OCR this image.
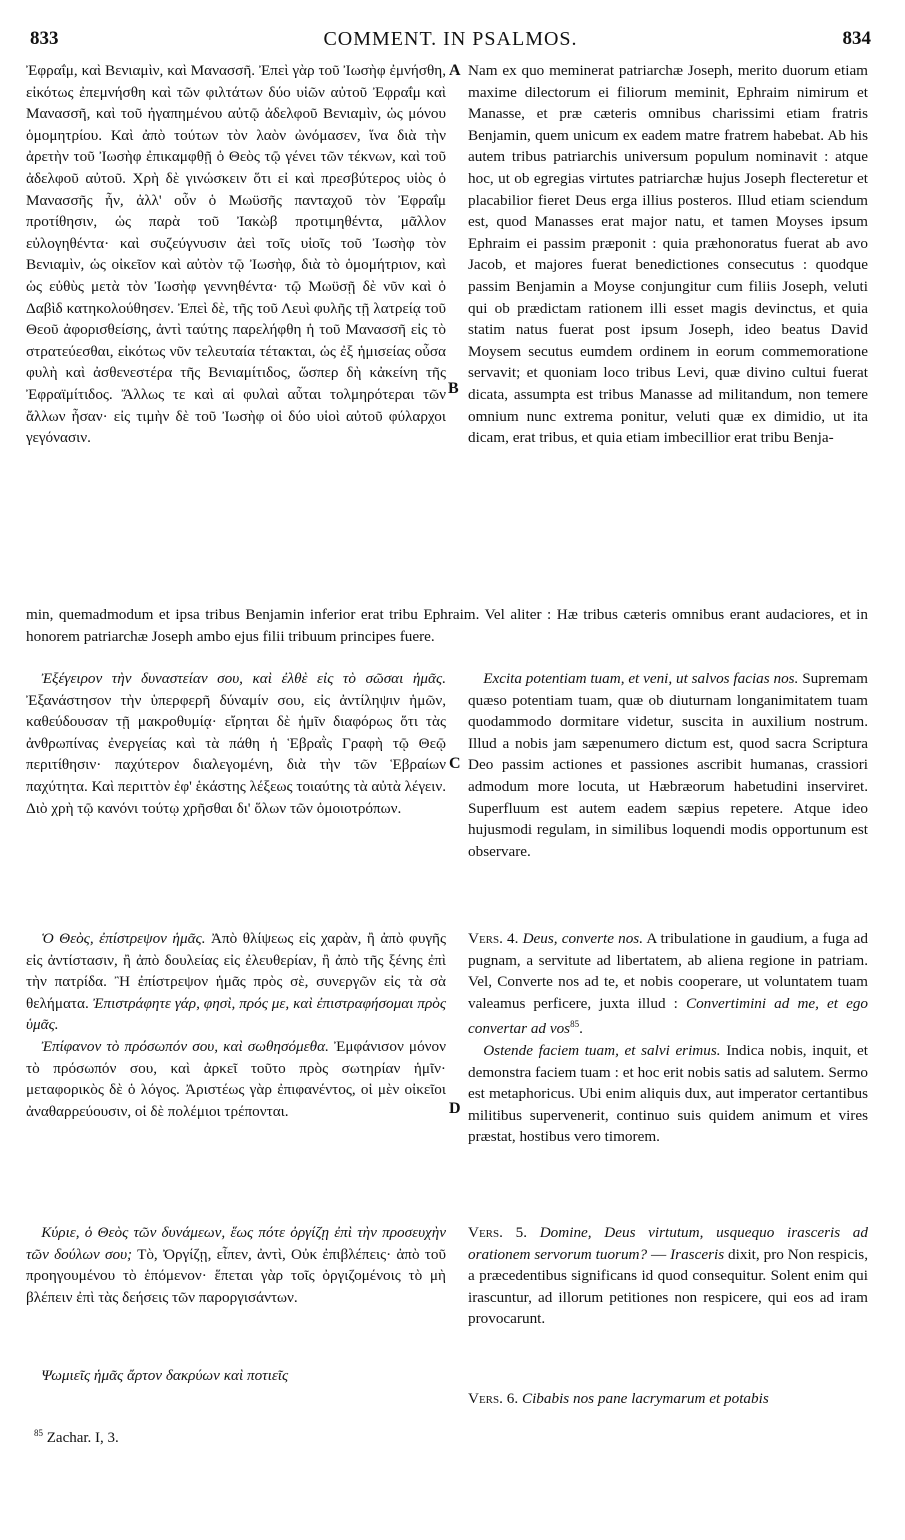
833	COMMENT. IN PSALMOS.	834
A
B
C
D

Ἐφραΐμ, καὶ Βενιαμὶν, καὶ Μανασσῆ. Ἐπεὶ γὰρ τοῦ Ἰωσὴφ ἐμνήσθη, εἰκότως ἐπεμνήσθη καὶ τῶν φιλτάτων δύο υἱῶν αὐτοῦ Ἐφραΐμ καὶ Μανασσῆ, καὶ τοῦ ἠγαπημένου αὐτῷ ἀδελφοῦ Βενιαμὶν, ὡς μόνου ὁμομητρίου. Καὶ ἀπὸ τούτων τὸν λαὸν ὠνόμασεν, ἵνα διὰ τὴν ἀρετὴν τοῦ Ἰωσὴφ ἐπικαμφθῇ ὁ Θεὸς τῷ γένει τῶν τέκνων, καὶ τοῦ ἀδελφοῦ αὐτοῦ. Χρὴ δὲ γινώσκειν ὅτι εἰ καὶ πρεσβύτερος υἱὸς ὁ Μανασσῆς ἦν, ἀλλ' οὖν ὁ Μωϋσῆς πανταχοῦ τὸν Ἐφραΐμ προτίθησιν, ὡς παρὰ τοῦ Ἰακὼβ προτιμηθέντα, μᾶλλον εὐλογηθέντα· καὶ συζεύγνυσιν ἀεὶ τοῖς υἱοῖς τοῦ Ἰωσὴφ τὸν Βενιαμὶν, ὡς οἰκεῖον καὶ αὐτὸν τῷ Ἰωσὴφ, διὰ τὸ ὁμομήτριον, καὶ ὡς εὐθὺς μετὰ τὸν Ἰωσὴφ γεννηθέντα· τῷ Μωϋσῇ δὲ νῦν καὶ ὁ Δαβὶδ κατηκολούθησεν. Ἐπεὶ δὲ, τῆς τοῦ Λευὶ φυλῆς τῇ λατρείᾳ τοῦ Θεοῦ ἀφορισθείσης, ἀντὶ ταύτης παρελήφθη ἡ τοῦ Μανασσῆ εἰς τὸ στρατεύεσθαι, εἰκότως νῦν τελευταία τέτακται, ὡς ἐξ ἡμισείας οὖσα φυλὴ καὶ ἀσθενεστέρα τῆς Βενιαμίτιδος, ὥσπερ δὴ κἀκείνη τῆς Ἐφραϊμίτιδος. Ἄλλως τε καὶ αἱ φυλαὶ αὗται τολμηρότεραι τῶν ἄλλων ἦσαν· εἰς τιμὴν δὲ τοῦ Ἰωσὴφ οἱ δύο υἱοὶ αὐτοῦ φύλαρχοι γεγόνασιν.

Nam ex quo meminerat patriarchæ Joseph, merito duorum etiam maxime dilectorum ei filiorum meminit, Ephraim nimirum et Manasse, et præ cæteris omnibus charissimi etiam fratris Benjamin, quem unicum ex eadem matre fratrem habebat. Ab his autem tribus patriarchis universum populum nominavit : atque hoc, ut ob egregias virtutes patriarchæ hujus Joseph flecteretur et placabilior fieret Deus erga illius posteros. Illud etiam sciendum est, quod Manasses erat major natu, et tamen Moyses ipsum Ephraim ei passim præponit : quia præhonoratus fuerat ab avo Jacob, et majores fuerat benedictiones consecutus : quodque passim Benjamin a Moyse conjungitur cum filiis Joseph, veluti qui ob prædictam rationem illi esset magis devinctus, et quia statim natus fuerat post ipsum Joseph, ideo beatus David Moysem secutus eumdem ordinem in eorum commemoratione servavit; et quoniam loco tribus Levi, quæ divino cultui fuerat dicata, assumpta est tribus Manasse ad militandum, non temere omnium nunc extrema ponitur, veluti quæ ex dimidio, ut ita dicam, erat tribus, et quia etiam imbecillior erat tribu Benja-

min, quemadmodum et ipsa tribus Benjamin inferior erat tribu Ephraim. Vel aliter : Hæ tribus cæteris omnibus erant audaciores, et in honorem patriarchæ Joseph ambo ejus filii tribuum principes fuere.

 Ἐξέγειρον τὴν δυναστείαν σου, καὶ ἐλθὲ εἰς τὸ σῶσαι ἡμᾶς. Ἐξανάστησον τὴν ὑπερφερῆ δύναμίν σου, εἰς ἀντίληψιν ἡμῶν, καθεύδουσαν τῇ μακροθυμίᾳ· εἴρηται δὲ ἡμῖν διαφόρως ὅτι τὰς ἀνθρωπίνας ἐνεργείας καὶ τὰ πάθη ἡ Ἑβραῒς Γραφὴ τῷ Θεῷ περιτίθησιν· παχύτερον διαλεγομένη, διὰ τὴν τῶν Ἑβραίων παχύτητα. Καὶ περιττὸν ἐφ' ἑκάστης λέξεως τοιαύτης τὰ αὐτὰ λέγειν. Διὸ χρὴ τῷ κανόνι τούτῳ χρῆσθαι δι' ὅλων τῶν ὁμοιοτρόπων.

 Excita potentiam tuam, et veni, ut salvos facias nos. Supremam quæso potentiam tuam, quæ ob diuturnam longanimitatem tuam quodammodo dormitare videtur, suscita in auxilium nostrum. Illud a nobis jam sæpenumero dictum est, quod sacra Scriptura Deo passim actiones et passiones ascribit humanas, crassiori admodum more locuta, ut Hæbræorum habetudini inserviret. Superfluum est autem eadem sæpius repetere. Atque ideo hujusmodi regulam, in similibus loquendi modis opportunum est observare.

 Ὁ Θεὸς, ἐπίστρεψον ἡμᾶς. Ἀπὸ θλίψεως εἰς χαρὰν, ἢ ἀπὸ φυγῆς εἰς ἀντίστασιν, ἢ ἀπὸ δουλείας εἰς ἐλευθερίαν, ἢ ἀπὸ τῆς ξένης ἐπὶ τὴν πατρίδα. Ἢ ἐπίστρεψον ἡμᾶς πρὸς σὲ, συνεργῶν εἰς τὰ σὰ θελήματα. Ἐπιστράφητε γάρ, φησὶ, πρός με, καὶ ἐπιστραφήσομαι πρὸς ὑμᾶς.

 Ἐπίφανον τὸ πρόσωπόν σου, καὶ σωθησόμεθα. Ἐμφάνισον μόνον τὸ πρόσωπόν σου, καὶ ἀρκεῖ τοῦτο πρὸς σωτηρίαν ἡμῖν· μεταφορικὸς δὲ ὁ λόγος. Ἀριστέως γὰρ ἐπιφανέντος, οἱ μὲν οἰκεῖοι ἀναθαρρεύουσιν, οἱ δὲ πολέμιοι τρέπονται.

Vers. 4. Deus, converte nos. A tribulatione in gaudium, a fuga ad pugnam, a servitute ad libertatem, ab aliena regione in patriam. Vel, Converte nos ad te, et nobis cooperare, ut voluntatem tuam valeamus perficere, juxta illud : Convertimini ad me, et ego convertar ad vos$^{85}$.

 Ostende faciem tuam, et salvi erimus. Indica nobis, inquit, et demonstra faciem tuam : et hoc erit nobis satis ad salutem. Sermo est metaphoricus. Ubi enim aliquis dux, aut imperator certantibus militibus supervenerit, continuo suis quidem animum et vires præstat, hostibus vero timorem.

 Κύριε, ὁ Θεὸς τῶν δυνάμεων, ἕως πότε ὀργίζῃ ἐπὶ τὴν προσευχὴν τῶν δούλων σου; Τὸ, Ὀργίζῃ, εἶπεν, ἀντὶ, Οὐκ ἐπιβλέπεις· ἀπὸ τοῦ προηγουμένου τὸ ἑπόμενον· ἕπεται γὰρ τοῖς ὀργιζομένοις τὸ μὴ βλέπειν ἐπὶ τὰς δεήσεις τῶν παροργισάντων.

Vers. 5. Domine, Deus virtutum, usquequo irasceris ad orationem servorum tuorum? — Irasceris dixit, pro Non respicis, a præcedentibus significans id quod consequitur. Solent enim qui irascuntur, ad illorum petitiones non respicere, qui eos ad iram provocarunt.

 Ψωμιεῖς ἡμᾶς ἄρτον δακρύων καὶ ποτιεῖς

Vers. 6. Cibabis nos pane lacrymarum et potabis

$^{85}$ Zachar. I, 3.
